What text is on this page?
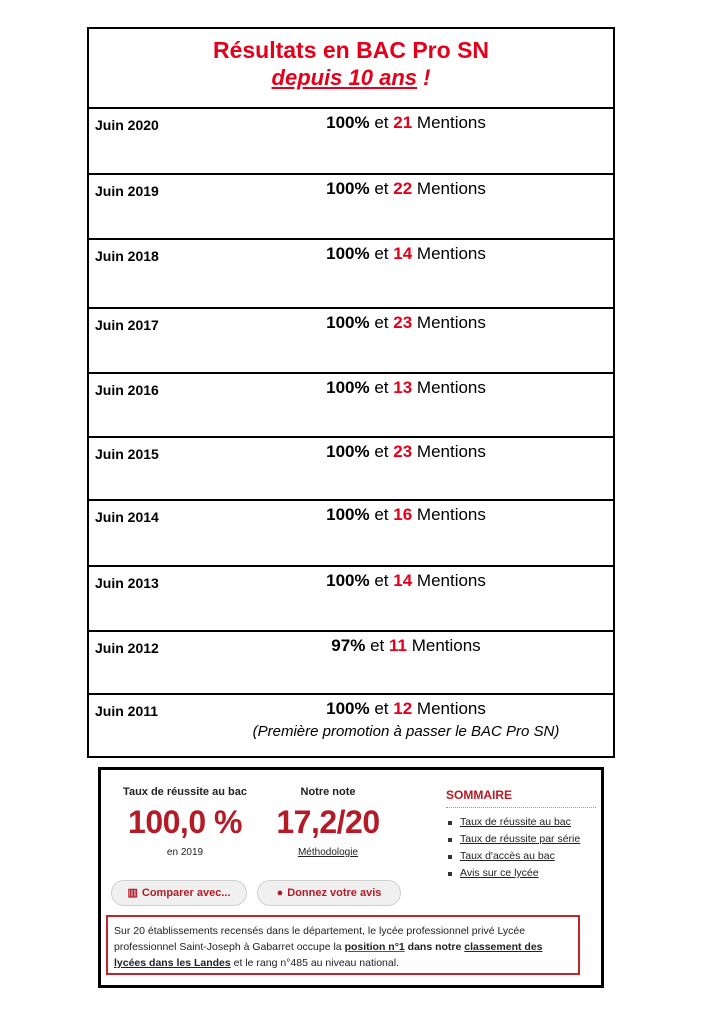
Résultats en BAC Pro SN
depuis 10 ans !
Juin 2020	100% et 21 Mentions
Juin 2019	100% et 22 Mentions
Juin 2018	100% et 14 Mentions
Juin 2017	100% et 23 Mentions
Juin 2016	100% et 13 Mentions
Juin 2015	100% et 23 Mentions
Juin 2014	100% et 16 Mentions
Juin 2013	100% et 14 Mentions
Juin 2012	97% et 11 Mentions
Juin 2011	100% et 12 Mentions
(Première promotion à passer le BAC Pro SN)
Taux de réussite au bac
100,0 %
en 2019
Notre note
17,2/20
Méthodologie
▥ Comparer avec...	● Donnez votre avis
SOMMAIRE
Taux de réussite au bac
Taux de réussite par série
Taux d'accès au bac
Avis sur ce lycée
Sur 20 établissements recensés dans le département, le lycée professionnel privé Lycée professionnel Saint-Joseph à Gabarret occupe la position n°1 dans notre classement des lycées dans les Landes et le rang n°485 au niveau national.
